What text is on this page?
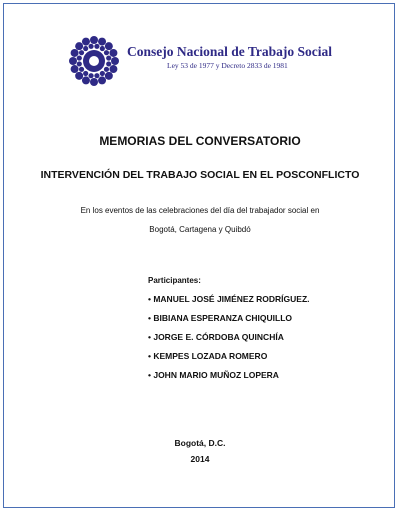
Consejo Nacional de Trabajo Social
Ley 53 de 1977 y Decreto 2833 de 1981
MEMORIAS DEL CONVERSATORIO
INTERVENCIÓN DEL TRABAJO SOCIAL EN EL POSCONFLICTO
En los eventos de las celebraciones del día del trabajador social en
Bogotá, Cartagena y Quibdó
Participantes:
• MANUEL JOSÉ JIMÉNEZ RODRÍGUEZ.
• BIBIANA ESPERANZA CHIQUILLO
• JORGE E. CÓRDOBA QUINCHÍA
• KEMPES LOZADA ROMERO
• JOHN MARIO MUÑOZ LOPERA
Bogotá, D.C.
2014
